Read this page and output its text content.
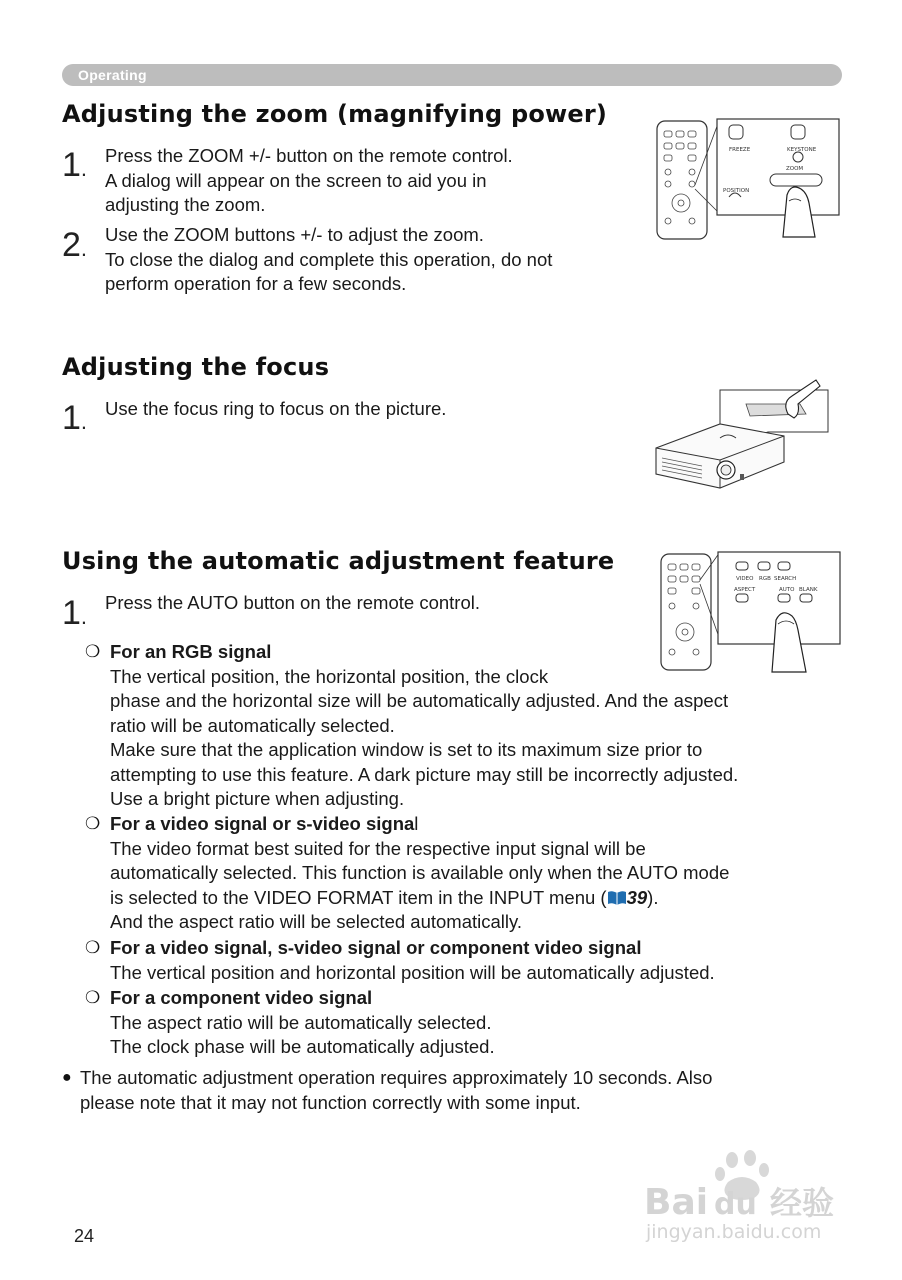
Operating
Adjusting the zoom (magnifying power)
1.
Press the ZOOM +/- button on the remote control.
A dialog will appear on the screen to aid you in
adjusting the zoom.
2.
Use the ZOOM buttons +/- to adjust the zoom.
To close the dialog and complete this operation, do not
perform operation for a few seconds.
FREEZE	KEYSTONE
POSITION
ZOOM
Adjusting the focus
1.
Use the focus ring to focus on the picture.
Using the automatic adjustment feature
1.
Press the AUTO button on the remote control.
VIDEO RGB SEARCH
ASPECT	AUTO BLANK
❍ For an RGB signal
The vertical position, the horizontal position, the clock
phase and the horizontal size will be automatically adjusted. And the aspect
ratio will be automatically selected.
Make sure that the application window is set to its maximum size prior to
attempting to use this feature. A dark picture may still be incorrectly adjusted.
Use a bright picture when adjusting.
❍ For a video signal or s-video signal
The video format best suited for the respective input signal will be
automatically selected. This function is available only when the AUTO mode
is selected to the VIDEO FORMAT item in the INPUT menu ( 39).
And the aspect ratio will be selected automatically.
❍ For a video signal, s-video signal or component video signal
The vertical position and horizontal position will be automatically adjusted.
❍ For a component video signal
The aspect ratio will be automatically selected.
The clock phase will be automatically adjusted.
● The automatic adjustment operation requires approximately 10 seconds. Also
please note that it may not function correctly with some input.
24
Bai du 经验
jingyan.baidu.com
